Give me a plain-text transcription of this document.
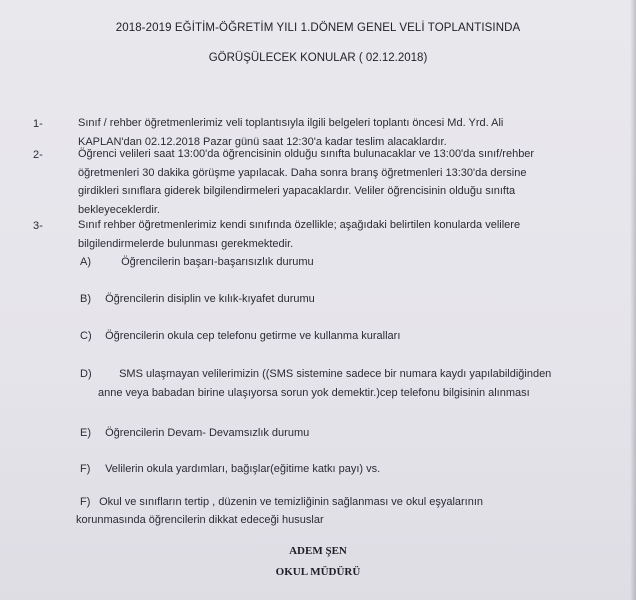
2018-2019 EĞİTİM-ÖĞRETİM YILI 1.DÖNEM GENEL VELİ TOPLANTISINDA
GÖRÜŞÜLECEK KONULAR ( 02.12.2018)
1-	Sınıf / rehber öğretmenlerimiz veli toplantısıyla ilgili belgeleri toplantı öncesi Md. Yrd. Ali
KAPLAN'dan 02.12.2018 Pazar günü saat 12:30'a kadar teslim alacaklardır.
2-	Öğrenci velileri saat 13:00'da öğrencisinin olduğu sınıfta bulunacaklar ve 13:00'da sınıf/rehber
öğretmenleri 30 dakika görüşme yapılacak. Daha sonra branş öğretmenleri 13:30'da dersine
girdikleri sınıflara giderek bilgilendirmeleri yapacaklardır. Veliler öğrencisinin olduğu sınıfta
bekleyeceklerdir.
3-	Sınıf rehber öğretmenlerimiz kendi sınıfında özellikle; aşağıdaki belirtilen konularda velilere
bilgilendirmelerde bulunması gerekmektedir.
A)	Öğrencilerin başarı-başarısızlık durumu
B) Öğrencilerin disiplin ve kılık-kıyafet durumu
C) Öğrencilerin okula cep telefonu getirme ve kullanma kuralları
D) SMS ulaşmayan velilerimizin ((SMS sistemine sadece bir numara kaydı yapılabildiğinden
anne veya babadan birine ulaşıyorsa sorun yok demektir.)cep telefonu bilgisinin alınması
E) Öğrencilerin Devam- Devamsızlık durumu
F) Velilerin okula yardımları, bağışlar(eğitime katkı payı) vs.
F) Okul ve sınıfların tertip , düzenin ve temizliğinin sağlanması ve okul eşyalarının
korunmasında öğrencilerin dikkat edeceği hususlar
ADEM ŞEN
OKUL MÜDÜRÜ
